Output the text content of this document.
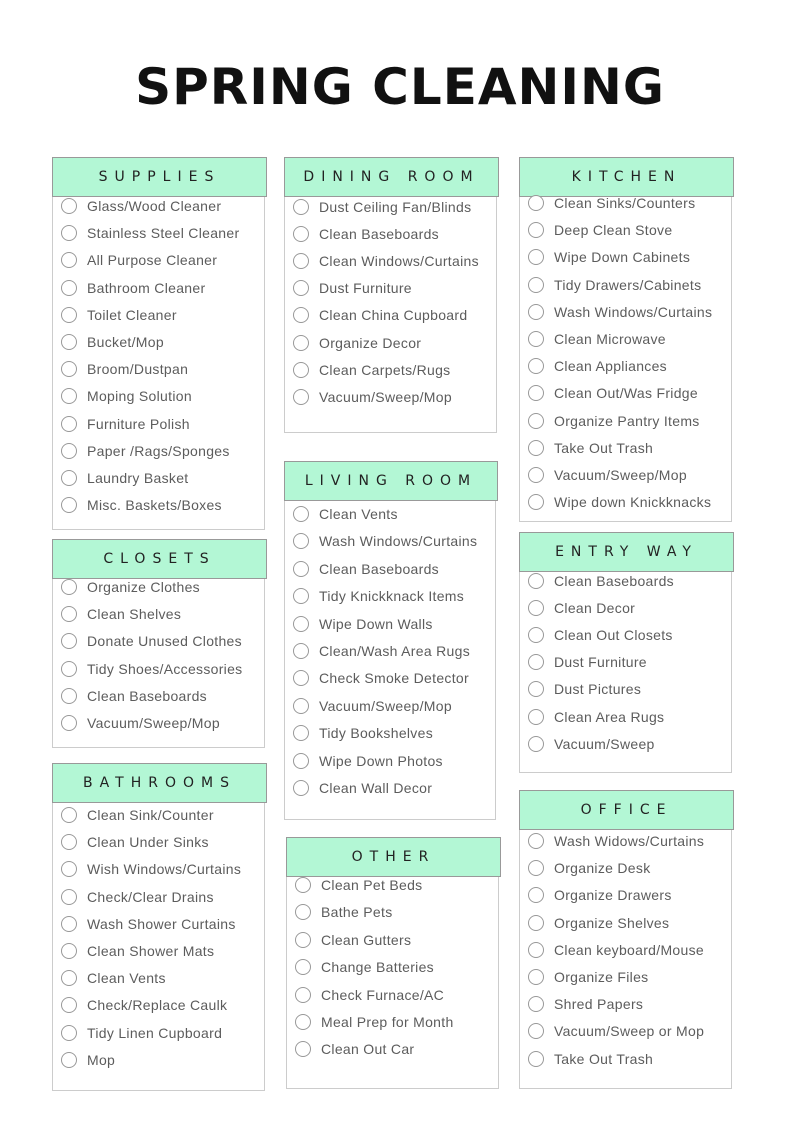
SPRING CLEANING
SUPPLIES
Glass/Wood Cleaner
Stainless Steel Cleaner
All Purpose Cleaner
Bathroom Cleaner
Toilet Cleaner
Bucket/Mop
Broom/Dustpan
Moping Solution
Furniture Polish
Paper /Rags/Sponges
Laundry Basket
Misc. Baskets/Boxes
DINING ROOM
Dust Ceiling Fan/Blinds
Clean Baseboards
Clean Windows/Curtains
Dust Furniture
Clean China Cupboard
Organize Decor
Clean Carpets/Rugs
Vacuum/Sweep/Mop
KITCHEN
Clean Sinks/Counters
Deep Clean Stove
Wipe Down Cabinets
Tidy Drawers/Cabinets
Wash Windows/Curtains
Clean Microwave
Clean Appliances
Clean Out/Was Fridge
Organize Pantry Items
Take Out Trash
Vacuum/Sweep/Mop
Wipe down Knickknacks
CLOSETS
Organize Clothes
Clean Shelves
Donate Unused Clothes
Tidy Shoes/Accessories
Clean Baseboards
Vacuum/Sweep/Mop
LIVING ROOM
Clean Vents
Wash Windows/Curtains
Clean Baseboards
Tidy Knickknack Items
Wipe Down Walls
Clean/Wash Area Rugs
Check Smoke Detector
Vacuum/Sweep/Mop
Tidy Bookshelves
Wipe Down Photos
Clean Wall Decor
ENTRY WAY
Clean Baseboards
Clean Decor
Clean Out Closets
Dust Furniture
Dust Pictures
Clean Area Rugs
Vacuum/Sweep
BATHROOMS
Clean Sink/Counter
Clean Under Sinks
Wish Windows/Curtains
Check/Clear Drains
Wash Shower Curtains
Clean Shower Mats
Clean Vents
Check/Replace Caulk
Tidy Linen Cupboard
Mop
OTHER
Clean Pet Beds
Bathe Pets
Clean Gutters
Change Batteries
Check Furnace/AC
Meal Prep for Month
Clean Out Car
OFFICE
Wash Widows/Curtains
Organize Desk
Organize Drawers
Organize Shelves
Clean keyboard/Mouse
Organize Files
Shred Papers
Vacuum/Sweep or Mop
Take Out Trash
